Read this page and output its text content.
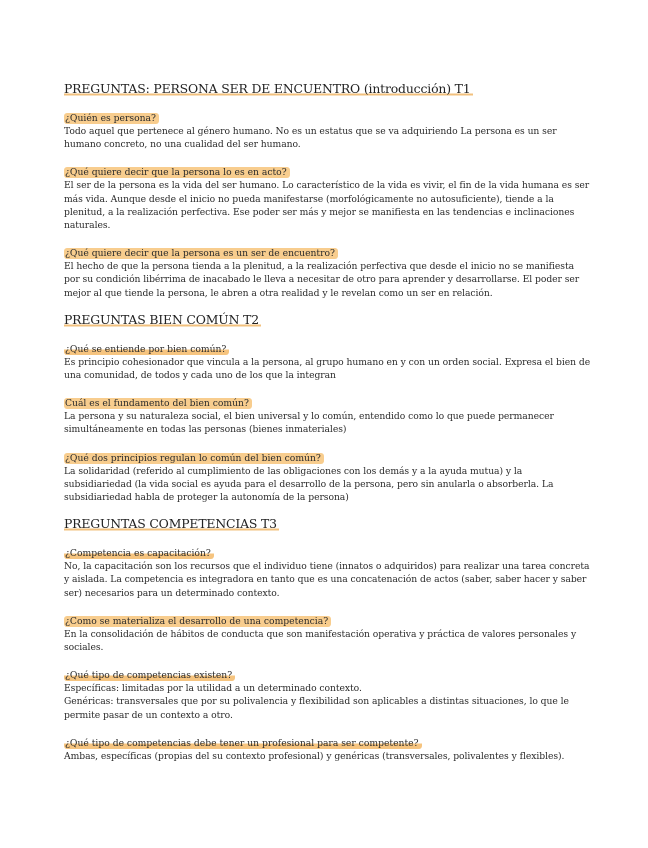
PREGUNTAS: PERSONA SER DE ENCUENTRO (introducción) T1
¿Quién es persona?

Todo aquel que pertenece al género humano. No es un estatus que se va adquiriendo La persona es un ser humano concreto, no una cualidad del ser humano.

¿Qué quiere decir que la persona lo es en acto?

El ser de la persona es la vida del ser humano. Lo característico de la vida es vivir, el fin de la vida humana es ser más vida. Aunque desde el inicio no pueda manifestarse (morfológicamente no autosuficiente), tiende a la plenitud, a la realización perfectiva. Ese poder ser más y mejor se manifiesta en las tendencias e inclinaciones naturales.

¿Qué quiere decir que la persona es un ser de encuentro?

El hecho de que la persona tienda a la plenitud, a la realización perfectiva que desde el inicio no se manifiesta por su condición libérrima de inacabado le lleva a necesitar de otro para aprender y desarrollarse. El poder ser mejor al que tiende la persona, le abren a otra realidad y le revelan como un ser en relación.

PREGUNTAS BIEN COMÚN T2
¿Qué se entiende por bien común?

Es principio cohesionador que vincula a la persona, al grupo humano en y con un orden social. Expresa el bien de una comunidad, de todos y cada uno de los que la integran

Cuál es el fundamento del bien común?

La persona y su naturaleza social, el bien universal y lo común, entendido como lo que puede permanecer simultáneamente en todas las personas (bienes inmateriales)

¿Qué dos principios regulan lo común del bien común?

La solidaridad (referido al cumplimiento de las obligaciones con los demás y a la ayuda mutua) y la subsidiariedad (la vida social es ayuda para el desarrollo de la persona, pero sin anularla o absorberla. La subsidiariedad habla de proteger la autonomía de la persona)

PREGUNTAS COMPETENCIAS T3
¿Competencia es capacitación?

No, la capacitación son los recursos que el individuo tiene (innatos o adquiridos) para realizar una tarea concreta y aislada. La competencia es integradora en tanto que es una concatenación de actos (saber, saber hacer y saber ser) necesarios para un determinado contexto.

¿Como se materializa el desarrollo de una competencia?

En la consolidación de hábitos de conducta que son manifestación operativa y práctica de valores personales y sociales.

¿Qué tipo de competencias existen?

Específicas: limitadas por la utilidad a un determinado contexto.

Genéricas: transversales que por su polivalencia y flexibilidad son aplicables a distintas situaciones, lo que le permite pasar de un contexto a otro.

¿Qué tipo de competencias debe tener un profesional para ser competente?

Ambas, específicas (propias del su contexto profesional) y genéricas (transversales, polivalentes y flexibles).
